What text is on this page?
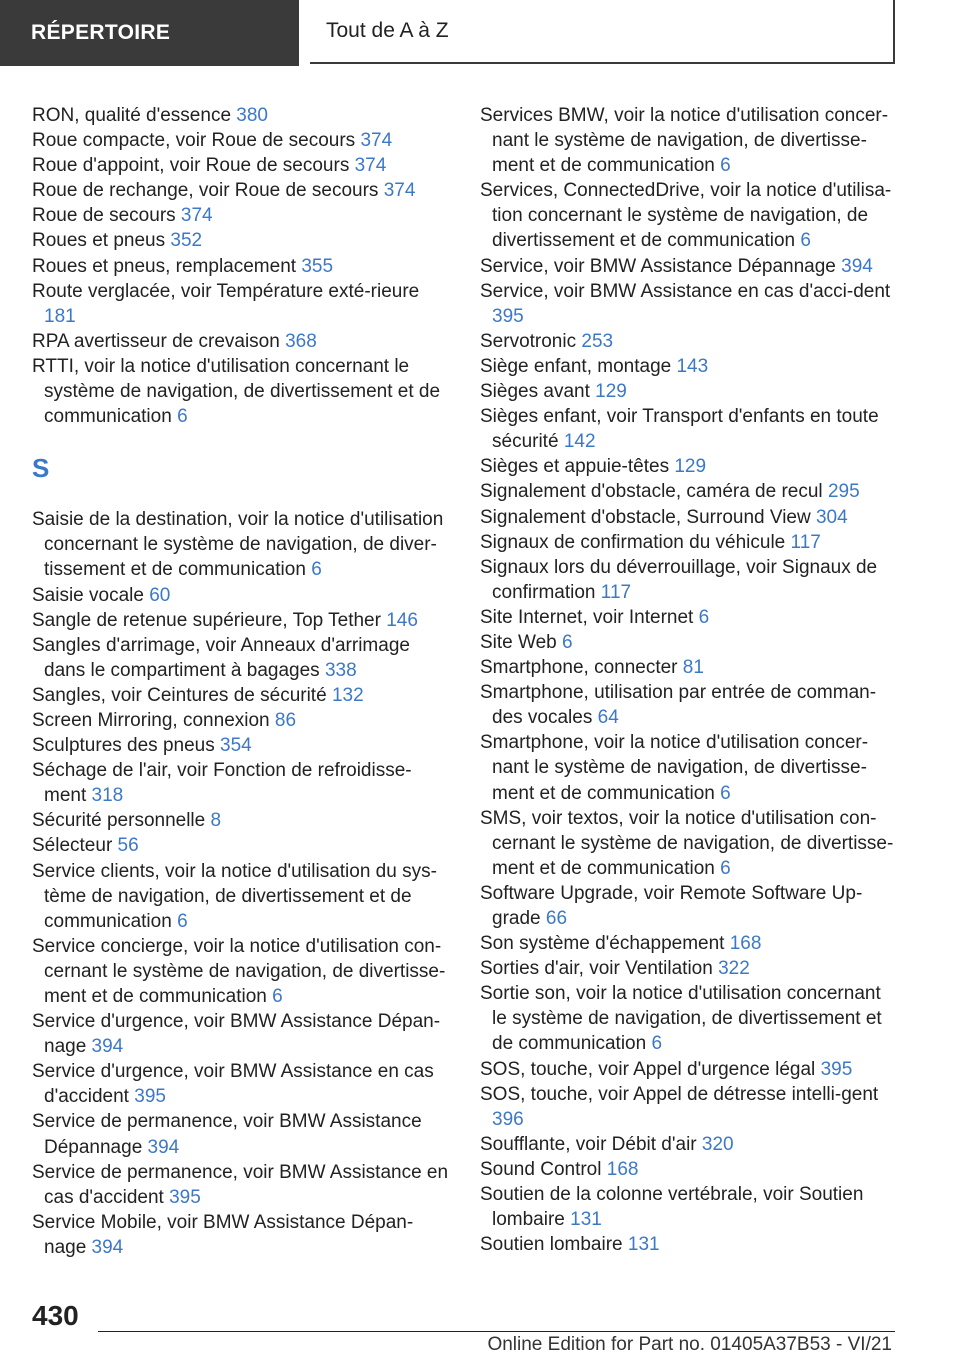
RÉPERTOIRE	Tout de A à Z

RON, qualité d'essence 380

Roue compacte, voir Roue de secours 374

Roue d'appoint, voir Roue de secours 374

Roue de rechange, voir Roue de secours 374

Roue de secours 374

Roues et pneus 352

Roues et pneus, remplacement 355

Route verglacée, voir Température exté‐rieure 181

RPA avertisseur de crevaison 368

RTTI, voir la notice d'utilisation concernant le système de navigation, de divertissement et de communication 6

S

Saisie de la destination, voir la notice d'utilisation concernant le système de navigation, de diver‐tissement et de communication 6

Saisie vocale 60

Sangle de retenue supérieure, Top Tether 146

Sangles d'arrimage, voir Anneaux d'arrimage dans le compartiment à bagages 338

Sangles, voir Ceintures de sécurité 132

Screen Mirroring, connexion 86

Sculptures des pneus 354

Séchage de l'air, voir Fonction de refroidisse‐ment 318

Sécurité personnelle 8

Sélecteur 56

Service clients, voir la notice d'utilisation du sys‐tème de navigation, de divertissement et de communication 6

Service concierge, voir la notice d'utilisation con‐cernant le système de navigation, de divertisse‐ment et de communication 6

Service d'urgence, voir BMW Assistance Dépan‐nage 394

Service d'urgence, voir BMW Assistance en cas d'accident 395

Service de permanence, voir BMW Assistance Dépannage 394

Service de permanence, voir BMW Assistance en cas d'accident 395

Service Mobile, voir BMW Assistance Dépan‐nage 394

Services BMW, voir la notice d'utilisation concer‐nant le système de navigation, de divertisse‐ment et de communication 6

Services, ConnectedDrive, voir la notice d'utilisa‐tion concernant le système de navigation, de divertissement et de communication 6

Service, voir BMW Assistance Dépannage 394

Service, voir BMW Assistance en cas d'acci‐dent 395

Servotronic 253

Siège enfant, montage 143

Sièges avant 129

Sièges enfant, voir Transport d'enfants en toute sécurité 142

Sièges et appuie-têtes 129

Signalement d'obstacle, caméra de recul 295

Signalement d'obstacle, Surround View 304

Signaux de confirmation du véhicule 117

Signaux lors du déverrouillage, voir Signaux de confirmation 117

Site Internet, voir Internet 6

Site Web 6

Smartphone, connecter 81

Smartphone, utilisation par entrée de comman‐des vocales 64

Smartphone, voir la notice d'utilisation concer‐nant le système de navigation, de divertisse‐ment et de communication 6

SMS, voir textos, voir la notice d'utilisation con‐cernant le système de navigation, de divertisse‐ment et de communication 6

Software Upgrade, voir Remote Software Up‐grade 66

Son système d'échappement 168

Sorties d'air, voir Ventilation 322

Sortie son, voir la notice d'utilisation concernant le système de navigation, de divertissement et de communication 6

SOS, touche, voir Appel d'urgence légal 395

SOS, touche, voir Appel de détresse intelli‐gent 396

Soufflante, voir Débit d'air 320

Sound Control 168

Soutien de la colonne vertébrale, voir Soutien lombaire 131

Soutien lombaire 131

430
Online Edition for Part no. 01405A37B53 - VI/21
